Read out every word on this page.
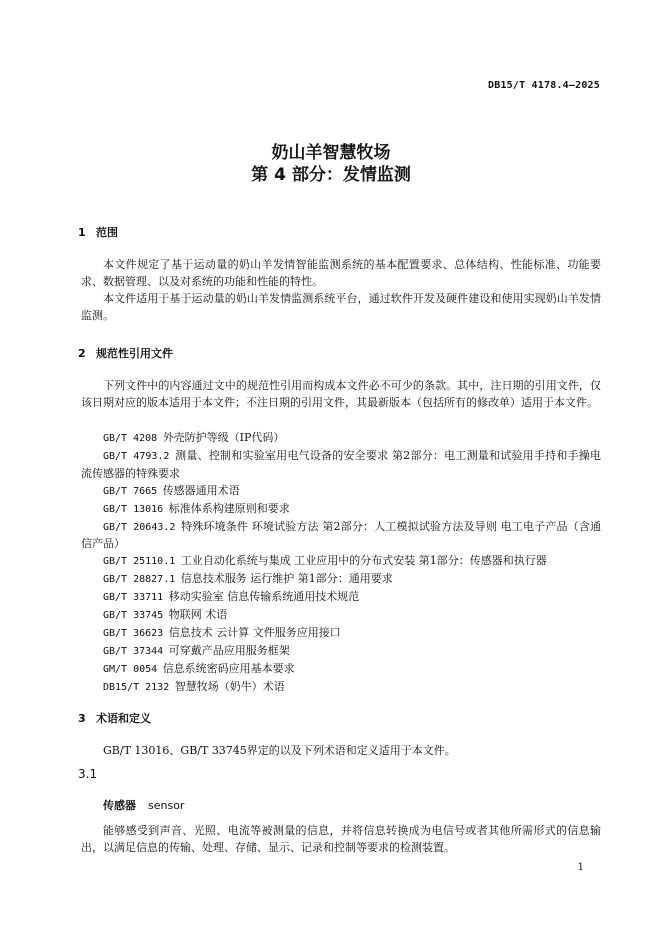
DB15/T 4178.4—2025
奶山羊智慧牧场
第 4 部分：发情监测
1 范围

本文件规定了基于运动量的奶山羊发情智能监测系统的基本配置要求、总体结构、性能标准、功能要求、数据管理、以及对系统的功能和性能的特性。

本文件适用于基于运动量的奶山羊发情监测系统平台，通过软件开发及硬件建设和使用实现奶山羊发情监测。

2 规范性引用文件

下列文件中的内容通过文中的规范性引用而构成本文件必不可少的条款。其中，注日期的引用文件，仅该日期对应的版本适用于本文件；不注日期的引用文件，其最新版本（包括所有的修改单）适用于本文件。

GB/T 4208  外壳防护等级（IP代码）
GB/T 4793.2  测量、控制和实验室用电气设备的安全要求 第2部分：电工测量和试验用手持和手操电流传感器的特殊要求
GB/T 7665  传感器通用术语
GB/T 13016  标准体系构建原则和要求
GB/T 20643.2  特殊环境条件 环境试验方法 第2部分：人工模拟试验方法及导则 电工电子产品（含通信产品）
GB/T 25110.1  工业自动化系统与集成 工业应用中的分布式安装 第1部分：传感器和执行器
GB/T 28827.1  信息技术服务 运行维护 第1部分：通用要求
GB/T 33711  移动实验室 信息传输系统通用技术规范
GB/T 33745  物联网 术语
GB/T 36623  信息技术 云计算 文件服务应用接口
GB/T 37344  可穿戴产品应用服务框架
GM/T 0054  信息系统密码应用基本要求
DB15/T 2132  智慧牧场（奶牛）术语
3 术语和定义

GB/T 13016、GB/T 33745界定的以及下列术语和定义适用于本文件。

3.1
传感器 sensor

能够感受到声音、光照、电流等被测量的信息，并将信息转换成为电信号或者其他所需形式的信息输出，以满足信息的传输、处理、存储、显示、记录和控制等要求的检测装置。

1
